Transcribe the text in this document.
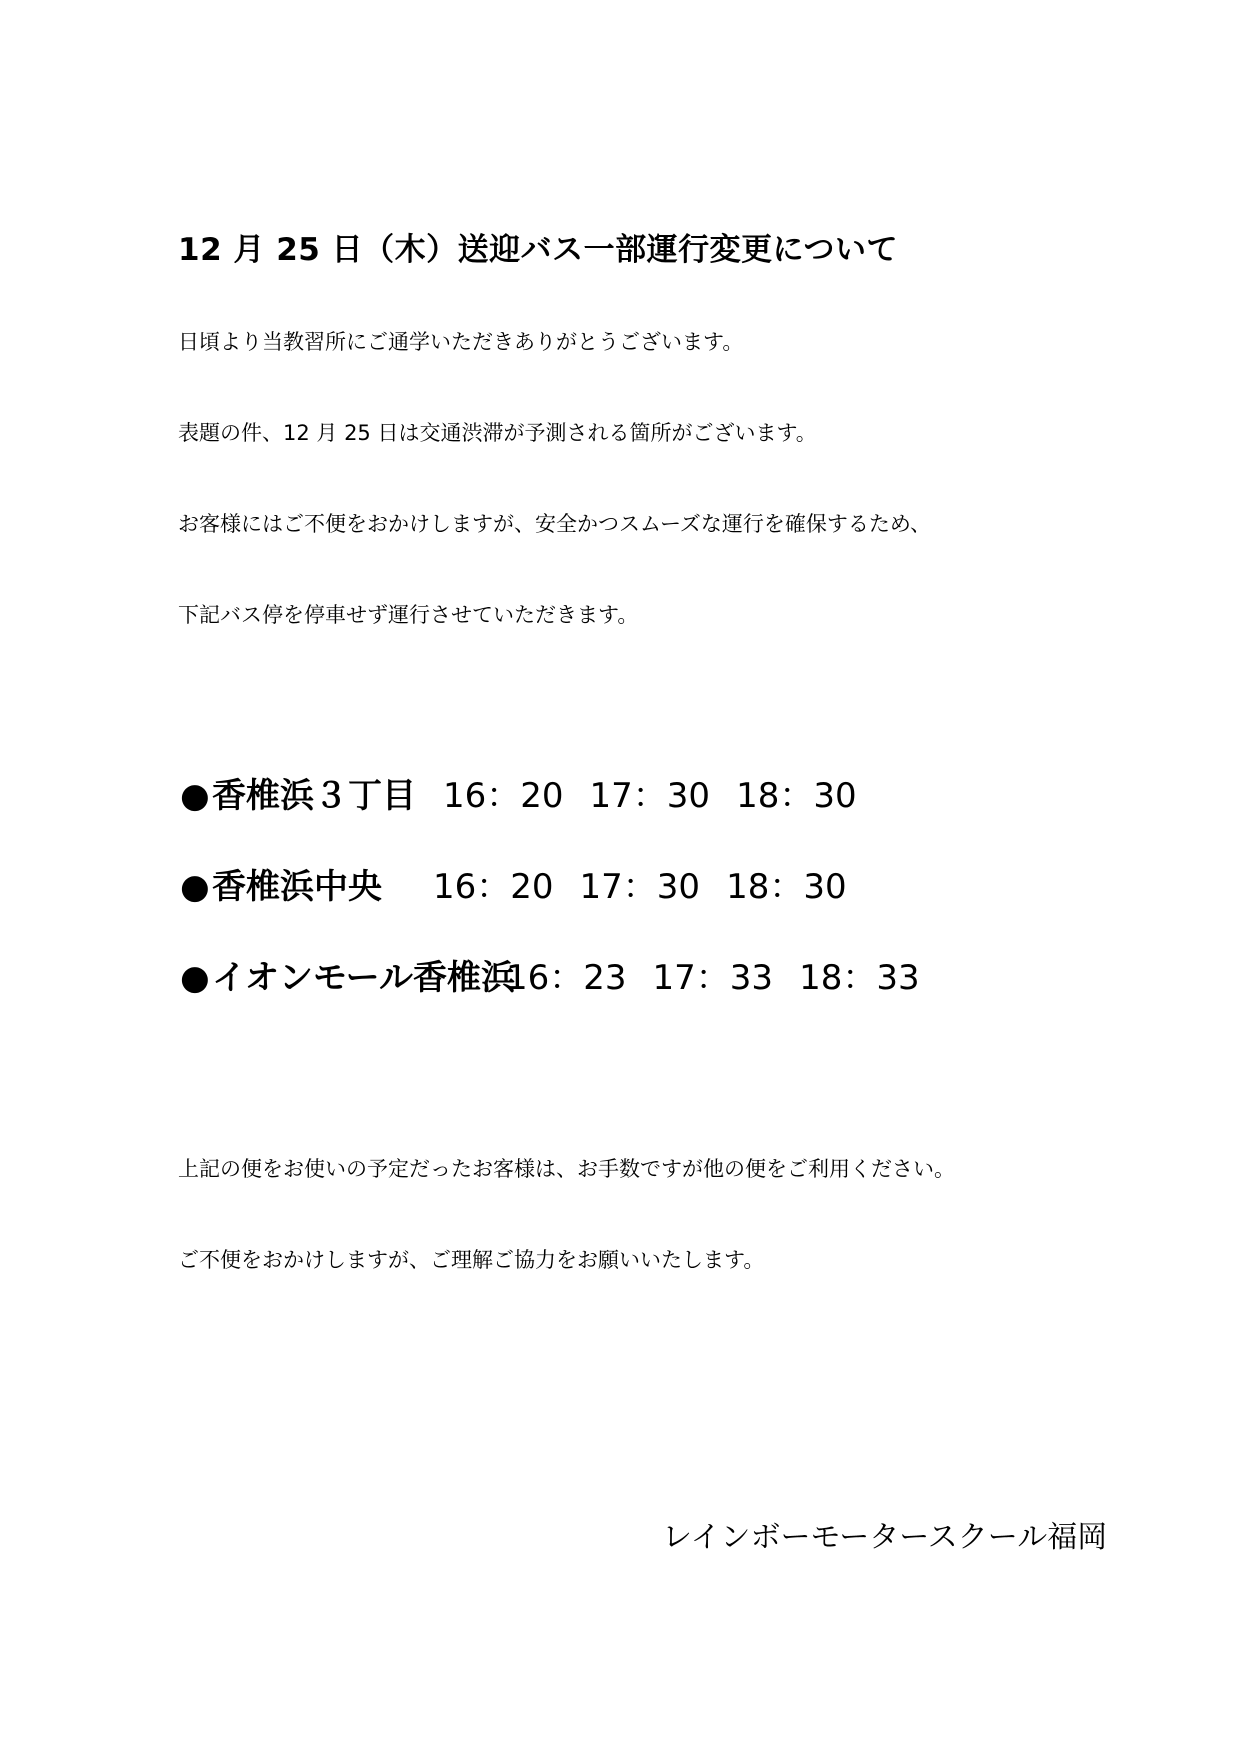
12 月 25 日（木）送迎バス一部運行変更について
日頃より当教習所にご通学いただきありがとうございます。
表題の件、12 月 25 日は交通渋滞が予測される箇所がございます。
お客様にはご不便をおかけしますが、安全かつスムーズな運行を確保するため、
下記バス停を停車せず運行させていただきます。
●香椎浜３丁目 16：20 17：30 18：30
●香椎浜中央 16：20 17：30 18：30
●イオンモール香椎浜16：23 17：33 18：33
上記の便をお使いの予定だったお客様は、お手数ですが他の便をご利用ください。
ご不便をおかけしますが、ご理解ご協力をお願いいたします。
レインボーモータースクール福岡
